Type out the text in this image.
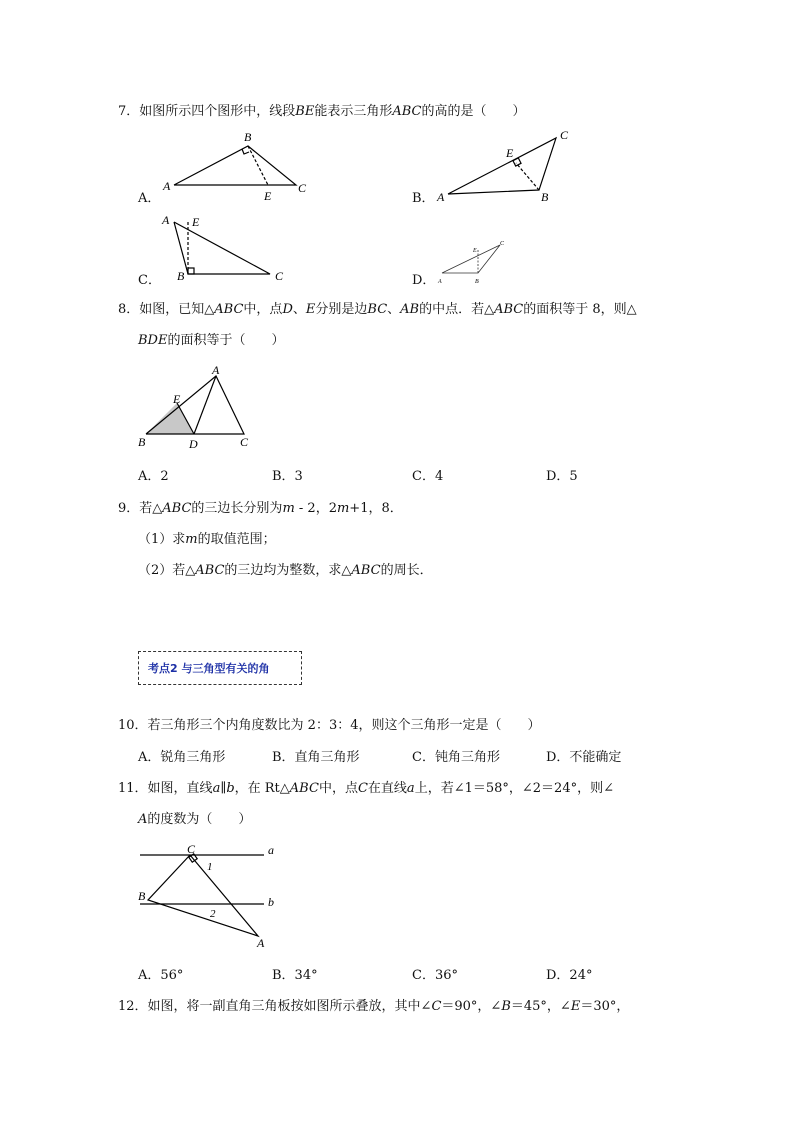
7．如图所示四个图形中，线段BE能表示三角形ABC的高的是（　　）
A．
A
B
C
E	B． A	B
C
E
C．
A E
B	C	D． A	B
C
E
8．如图，已知△ABC中，点D、E分别是边BC、AB的中点．若△ABC的面积等于 8，则△
BDE的面积等于（　　）
A
E
B	D	C
A．2	B．3	C．4	D．5
9．若△ABC的三边长分别为m - 2，2m+1，8．
（1）求m的取值范围；
（2）若△ABC的三边均为整数，求△ABC的周长．
考点2 与三角型有关的角
10．若三角形三个内角度数比为 2：3：4，则这个三角形一定是（　　）
A．锐角三角形	B．直角三角形	C．钝角三角形	D．不能确定
11．如图，直线a∥b，在 Rt△ABC中，点C在直线a上，若∠1＝58°，∠2＝24°，则∠
A的度数为（　　）
C	a
b
B
A
1
2
A．56°	B．34°	C．36°	D．24°
12．如图，将一副直角三角板按如图所示叠放，其中∠C＝90°，∠B＝45°，∠E＝30°，
